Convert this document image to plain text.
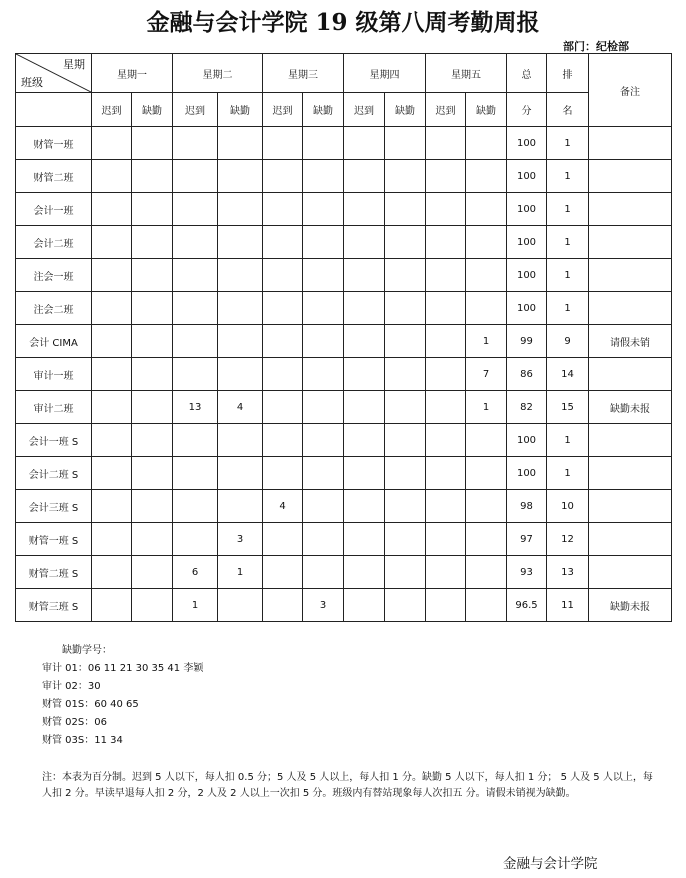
金融与会计学院 19 级第八周考勤周报
部门：纪检部
星期
班级	星期一		星期二		星期三		星期四		星期五		总	排	备注
	迟到	缺勤	迟到	缺勤	迟到	缺勤	迟到	缺勤	迟到	缺勤	分	名	
财管一班											100	1	
财管二班											100	1	
会计一班											100	1	
会计二班											100	1	
注会一班											100	1	
注会二班											100	1	
会计 CIMA										1	99	9	请假未销
审计一班										7	86	14	
审计二班			13	4						1	82	15	缺勤未报
会计一班 S											100	1	
会计二班 S											100	1	
会计三班 S					4						98	10	
财管一班 S				3							97	12	
财管二班 S			6	1							93	13	
财管三班 S			1			3					96.5	11	缺勤未报
缺勤学号：
审计 01：06 11 21 30 35 41 李颖
审计 02：30
财管 01S：60 40 65
财管 02S：06
财管 03S：11 34
注：本表为百分制。迟到 5 人以下，每人扣 0.5 分；5 人及 5 人以上，每人扣 1 分。缺勤 5 人以下，每人扣 1 分； 5 人及 5 人以上，每人扣 2 分。早读早退每人扣 2 分，2 人及 2 人以上一次扣 5 分。班级内有替站现象每人次扣五 分。请假未销视为缺勤。
金融与会计学院
